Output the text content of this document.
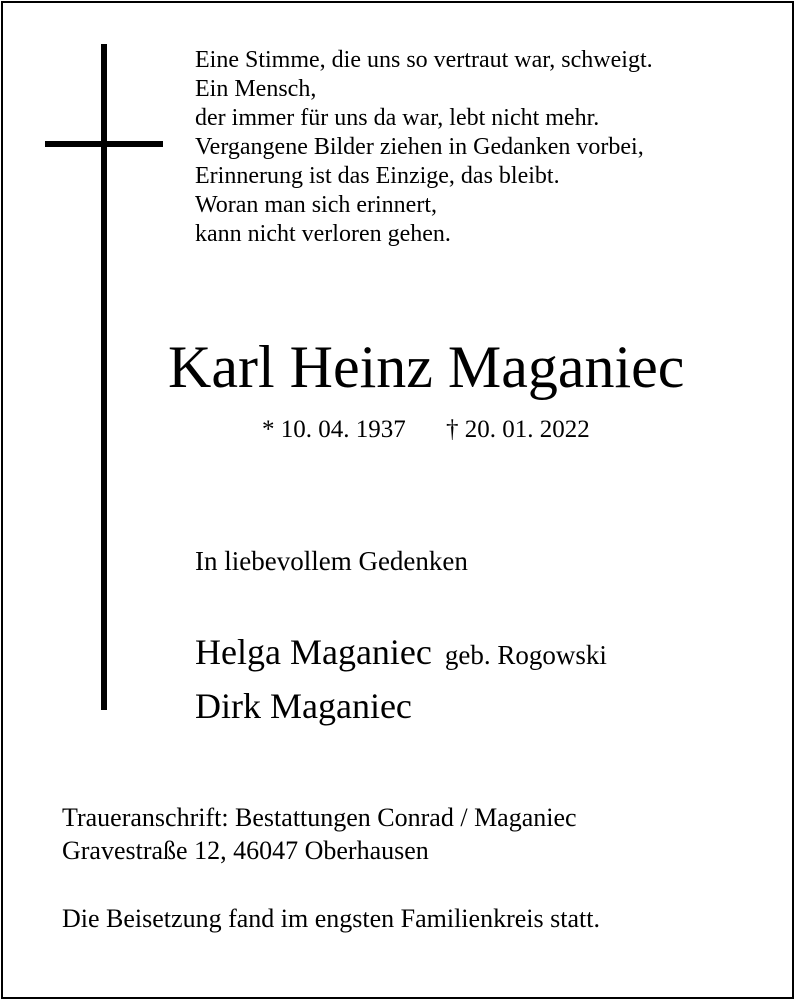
Eine Stimme, die uns so vertraut war, schweigt.
Ein Mensch,
der immer für uns da war, lebt nicht mehr.
Vergangene Bilder ziehen in Gedanken vorbei,
Erinnerung ist das Einzige, das bleibt.
Woran man sich erinnert,
kann nicht verloren gehen.
Karl Heinz Maganiec
* 10. 04. 1937 † 20. 01. 2022
In liebevollem Gedenken
Helga Maganiec geb. Rogowski
Dirk Maganiec
Traueranschrift: Bestattungen Conrad / Maganiec
Gravestraße 12, 46047 Oberhausen
Die Beisetzung fand im engsten Familienkreis statt.
